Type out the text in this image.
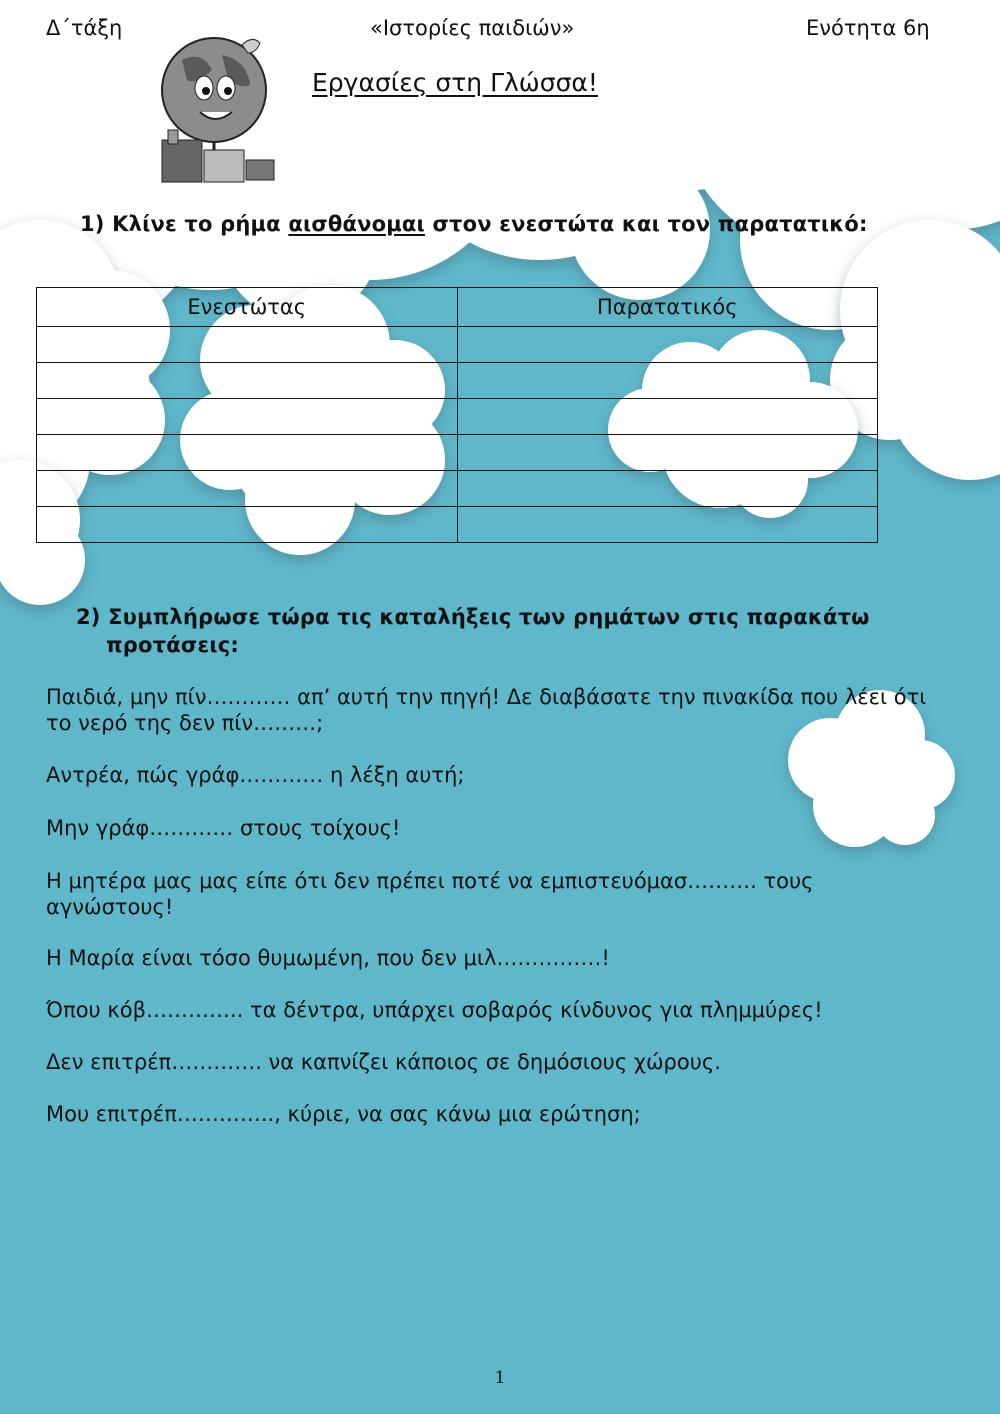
Δ΄τάξη	«Ιστορίες παιδιών»	Ενότητα 6η
Εργασίες στη Γλώσσα!
1) Κλίνε το ρήμα αισθάνομαι στον ενεστώτα και τον παρατατικό:
Ενεστώτας	Παρατατικός

2) Συμπλήρωσε τώρα τις καταλήξεις των ρημάτων στις παρακάτω
προτάσεις:
Παιδιά, μην πίν………… απ’ αυτή την πηγή! Δε διαβάσατε την πινακίδα που λέει ότι το νερό της δεν πίν………;
Αντρέα, πώς γράφ………… η λέξη αυτή;
Μην γράφ………… στους τοίχους!
Η μητέρα μας μας είπε ότι δεν πρέπει ποτέ να εμπιστευόμασ………. τους αγνώστους!
Η Μαρία είναι τόσο θυμωμένη, που δεν μιλ……………!
Όπου κόβ………….. τα δέντρα, υπάρχει σοβαρός κίνδυνος για πλημμύρες!
Δεν επιτρέπ…………. να καπνίζει κάποιος σε δημόσιους χώρους.
Μου επιτρέπ………….., κύριε, να σας κάνω μια ερώτηση;
1
